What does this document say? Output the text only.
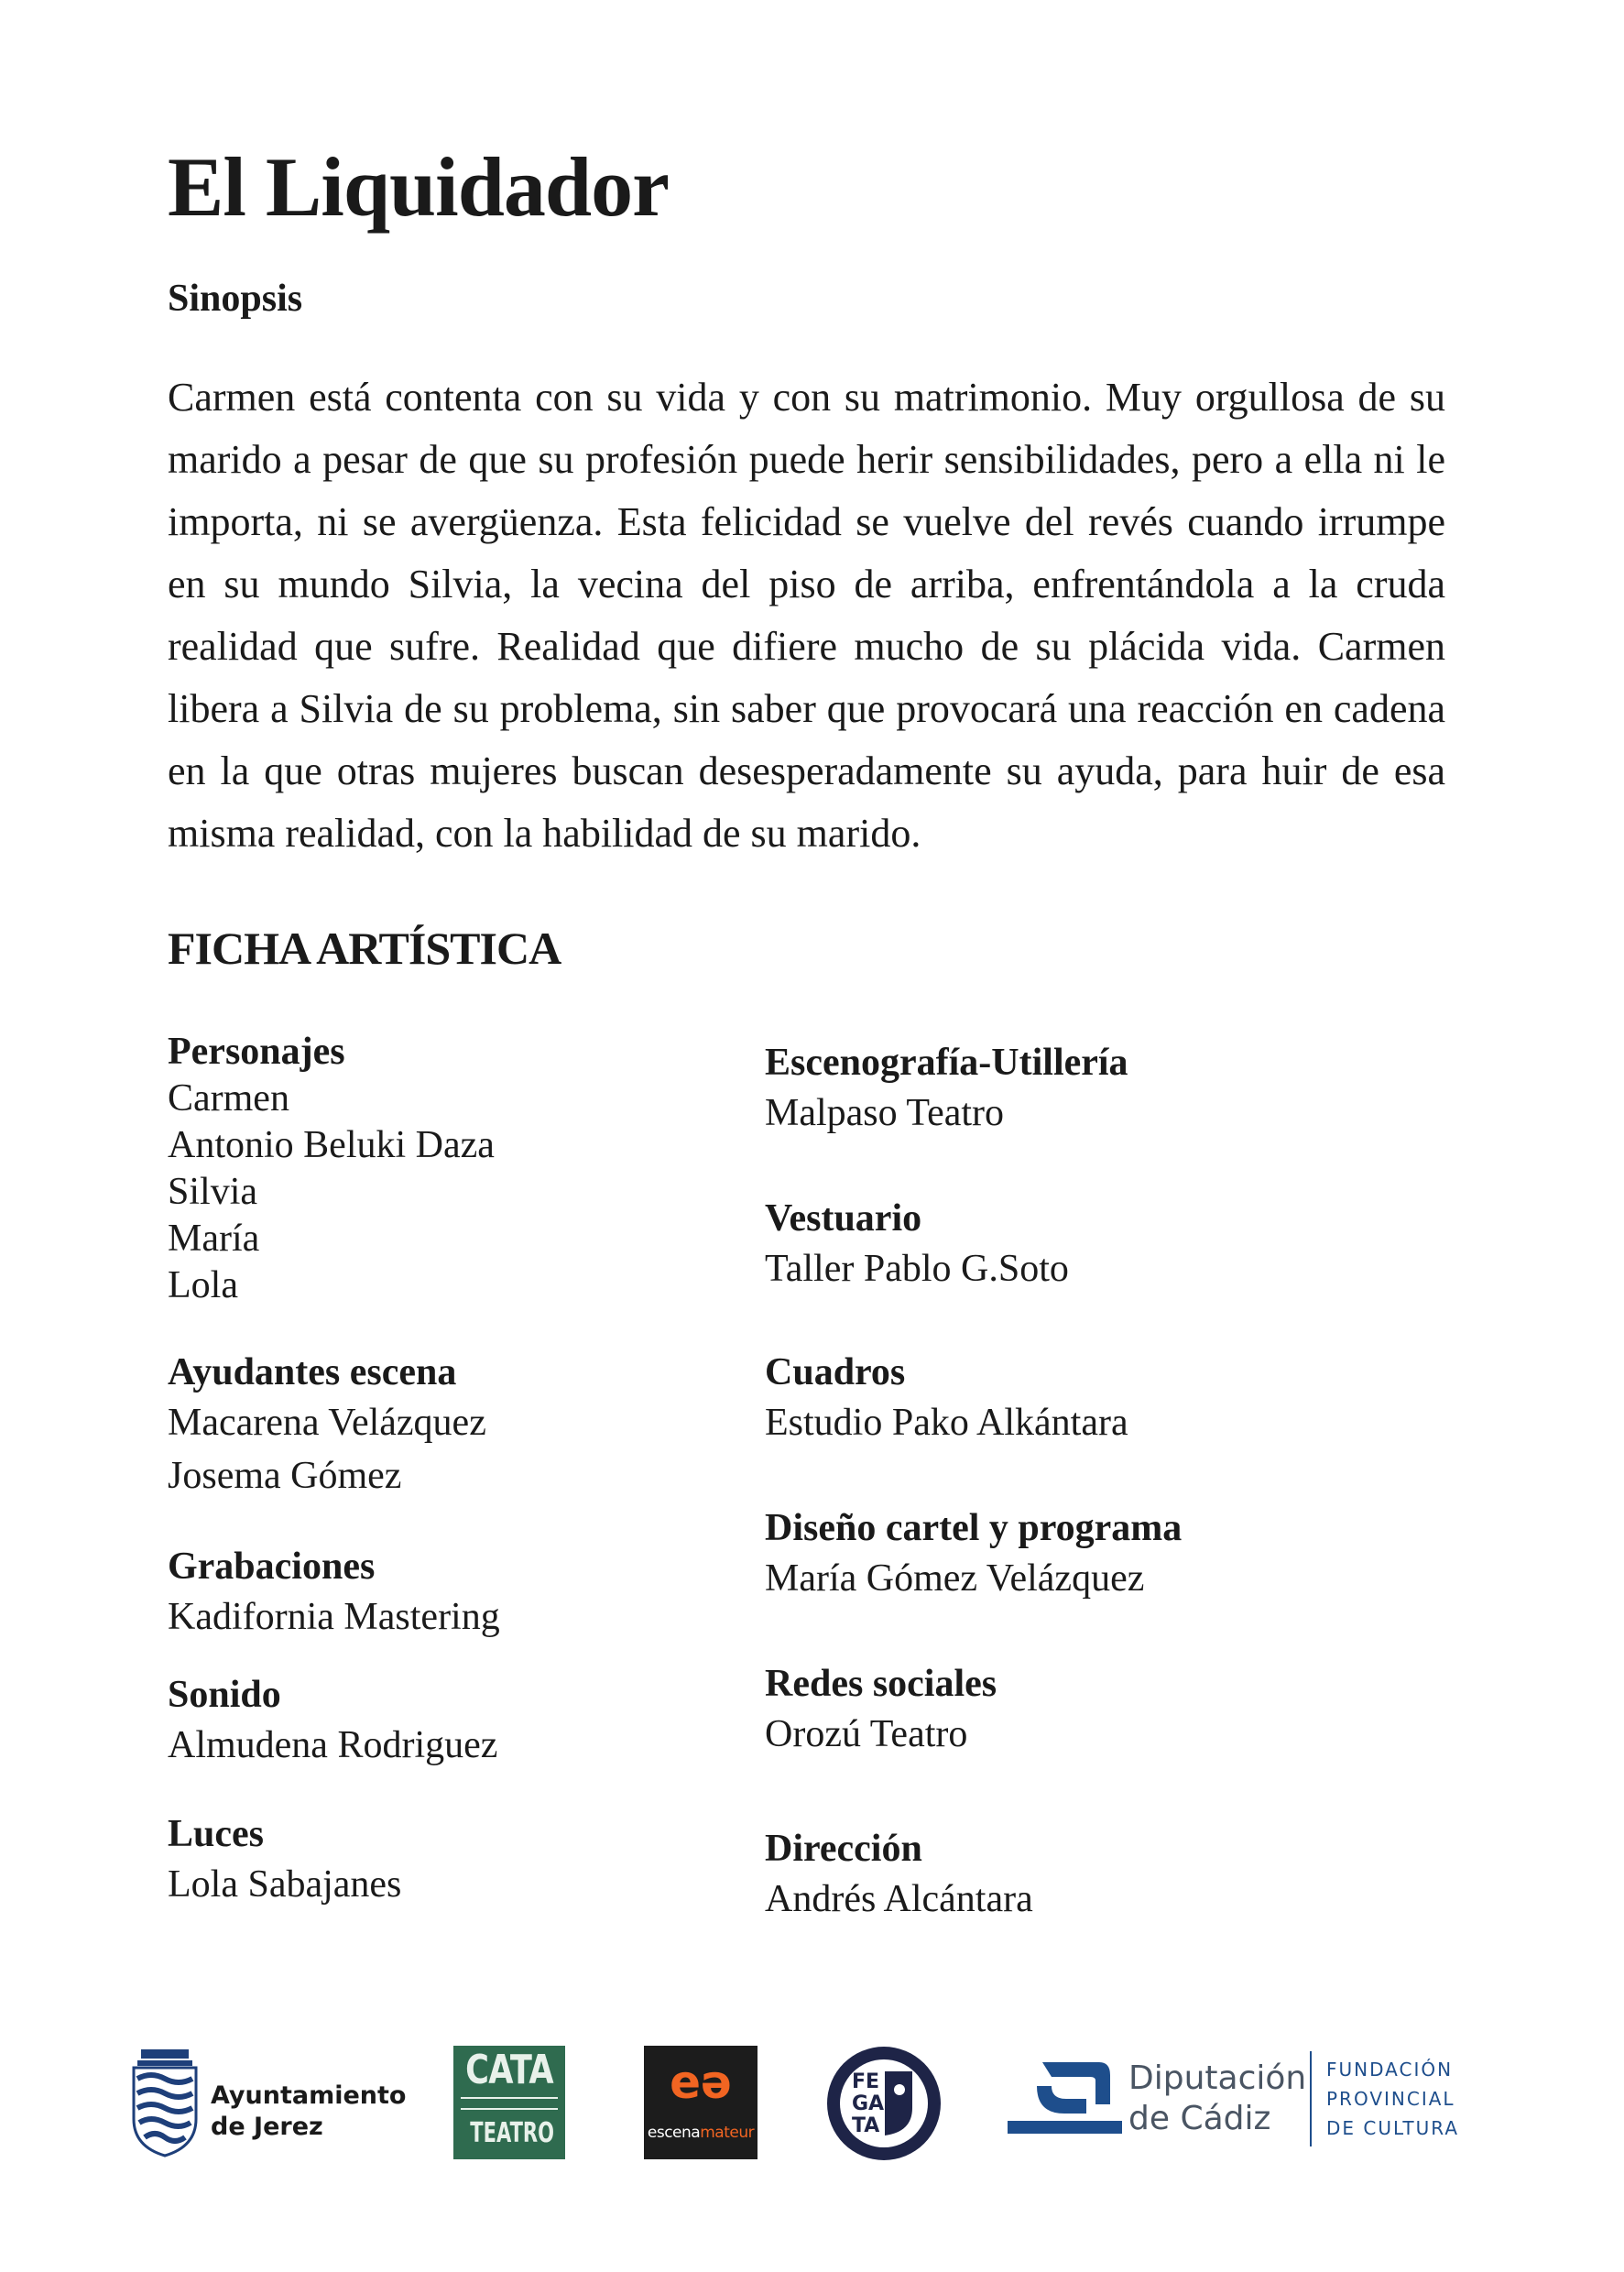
El Liquidador
Sinopsis

Carmen está contenta con su vida y con su matrimonio. Muy orgullosa de su marido a pesar de que su profesión puede herir sensibilidades, pero a ella ni le importa, ni se avergüenza. Esta felicidad se vuelve del revés cuando irrumpe en su mundo Silvia, la vecina del piso de arriba, enfrentándola a la cruda realidad que sufre. Realidad que difiere mucho de su plácida vida. Carmen libera a Silvia de su problema, sin saber que provocará una reacción en cadena en la que otras mujeres buscan desesperadamente su ayuda, para huir de esa misma realidad, con la habilidad de su marido.

FICHA ARTÍSTICA
Personajes
Carmen
Antonio Beluki Daza
Silvia
María
Lola
Ayudantes escena
Macarena Velázquez
Josema Gómez
Grabaciones
Kadifornia Mastering
Sonido
Almudena Rodriguez
Luces
Lola Sabajanes
Escenografía-Utillería
Malpaso Teatro
Vestuario
Taller Pablo G.Soto
Cuadros
Estudio Pako Alkántara
Diseño cartel y programa
María Gómez Velázquez
Redes sociales
Orozú Teatro
Dirección
Andrés Alcántara
Ayuntamiento
de Jerez
CATA
TEATRO
eə
escenamateur
FE GA TA
Diputación
de Cádiz
FUNDACIÓN
PROVINCIAL
DE CULTURA
